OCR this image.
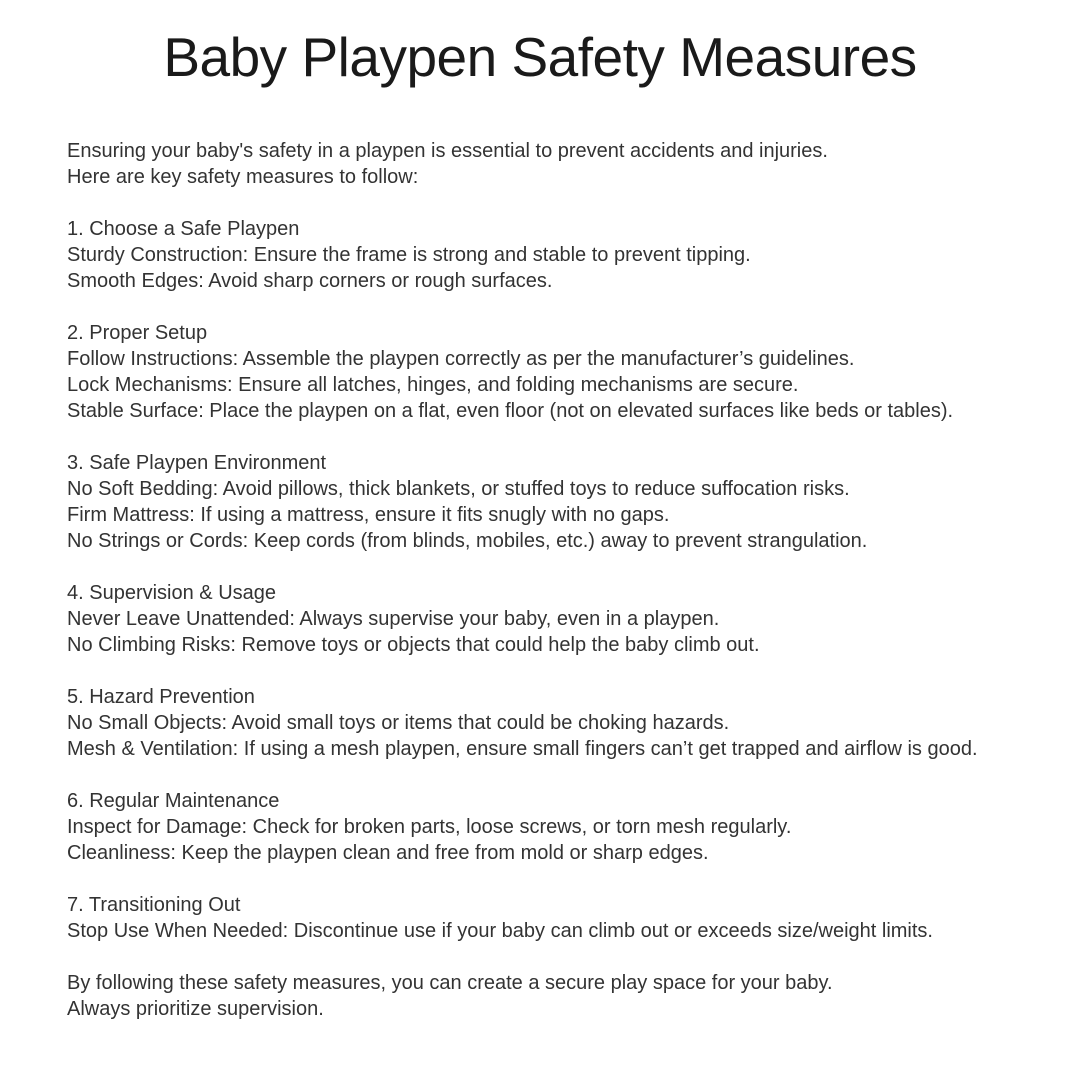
Baby Playpen Safety Measures

Ensuring your baby's safety in a playpen is essential to prevent accidents and injuries.
Here are key safety measures to follow:

1. Choose a Safe Playpen
Sturdy Construction: Ensure the frame is strong and stable to prevent tipping.
Smooth Edges: Avoid sharp corners or rough surfaces.

2. Proper Setup
Follow Instructions: Assemble the playpen correctly as per the manufacturer’s guidelines.
Lock Mechanisms: Ensure all latches, hinges, and folding mechanisms are secure.
Stable Surface: Place the playpen on a flat, even floor (not on elevated surfaces like beds or tables).

3. Safe Playpen Environment
No Soft Bedding: Avoid pillows, thick blankets, or stuffed toys to reduce suffocation risks.
Firm Mattress: If using a mattress, ensure it fits snugly with no gaps.
No Strings or Cords: Keep cords (from blinds, mobiles, etc.) away to prevent strangulation.

4. Supervision & Usage
Never Leave Unattended: Always supervise your baby, even in a playpen.
No Climbing Risks: Remove toys or objects that could help the baby climb out.

5. Hazard Prevention
No Small Objects: Avoid small toys or items that could be choking hazards.
Mesh & Ventilation: If using a mesh playpen, ensure small fingers can’t get trapped and airflow is good.

6. Regular Maintenance
Inspect for Damage: Check for broken parts, loose screws, or torn mesh regularly.
Cleanliness: Keep the playpen clean and free from mold or sharp edges.

7. Transitioning Out
Stop Use When Needed: Discontinue use if your baby can climb out or exceeds size/weight limits.

By following these safety measures, you can create a secure play space for your baby.
Always prioritize supervision.
